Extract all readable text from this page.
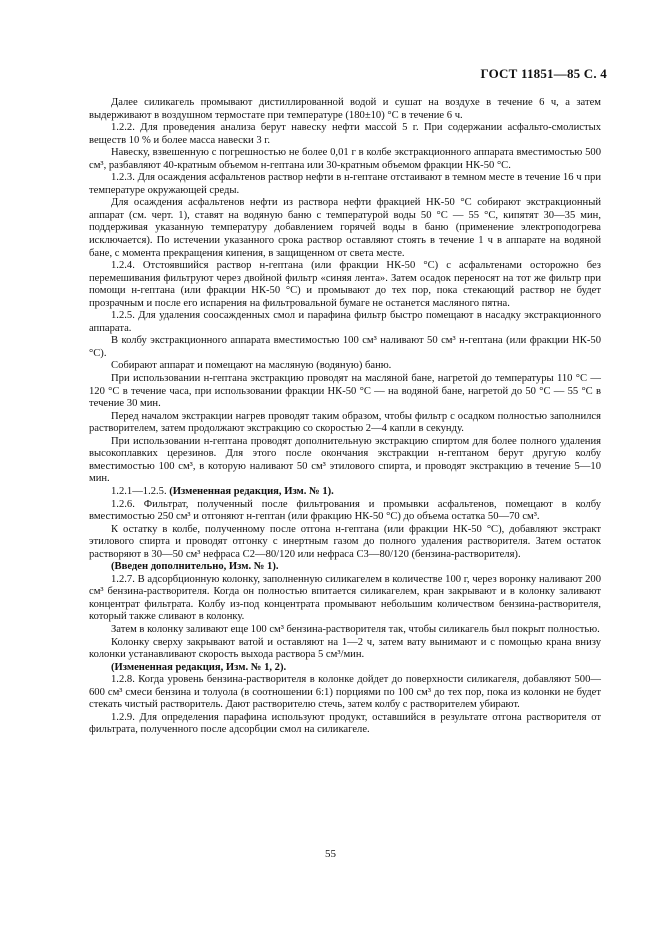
ГОСТ 11851—85 С. 4

Далее силикагель промывают дистиллированной водой и сушат на воздухе в течение 6 ч, а затем выдерживают в воздушном термостате при температуре (180±10) °С в течение 6 ч.

1.2.2. Для проведения анализа берут навеску нефти массой 5 г. При содержании асфальто-смолистых веществ 10 % и более масса навески 3 г.

Навеску, взвешенную с погрешностью не более 0,01 г в колбе экстракционного аппарата вместимостью 500 см³, разбавляют 40-кратным объемом н-гептана или 30-кратным объемом фракции НК-50 °С.

1.2.3. Для осаждения асфальтенов раствор нефти в н-гептане отстаивают в темном месте в течение 16 ч при температуре окружающей среды.

Для осаждения асфальтенов нефти из раствора нефти фракцией НК-50 °С собирают экстракционный аппарат (см. черт. 1), ставят на водяную баню с температурой воды 50 °С — 55 °С, кипятят 30—35 мин, поддерживая указанную температуру добавлением горячей воды в баню (применение электроподогрева исключается). По истечении указанного срока раствор оставляют стоять в течение 1 ч в аппарате на водяной бане, с момента прекращения кипения, в защищенном от света месте.

1.2.4. Отстоявшийся раствор н-гептана (или фракции НК-50 °С) с асфальтенами осторожно без перемешивания фильтруют через двойной фильтр «синяя лента». Затем осадок переносят на тот же фильтр при помощи н-гептана (или фракции НК-50 °С) и промывают до тех пор, пока стекающий раствор не будет прозрачным и после его испарения на фильтровальной бумаге не останется масляного пятна.

1.2.5. Для удаления соосажденных смол и парафина фильтр быстро помещают в насадку экстракционного аппарата.

В колбу экстракционного аппарата вместимостью 100 см³ наливают 50 см³ н-гептана (или фракции НК-50 °С).

Собирают аппарат и помещают на масляную (водяную) баню.

При использовании н-гептана экстракцию проводят на масляной бане, нагретой до температуры 110 °С — 120 °С в течение часа, при использовании фракции НК-50 °С — на водяной бане, нагретой до 50 °С — 55 °С в течение 30 мин.

Перед началом экстракции нагрев проводят таким образом, чтобы фильтр с осадком полностью заполнился растворителем, затем продолжают экстракцию со скоростью 2—4 капли в секунду.

При использовании н-гептана проводят дополнительную экстракцию спиртом для более полного удаления высокоплавких церезинов. Для этого после окончания экстракции н-гептаном берут другую колбу вместимостью 100 см³, в которую наливают 50 см³ этилового спирта, и проводят экстракцию в течение 5—10 мин.

1.2.1—1.2.5. (Измененная редакция, Изм. № 1).

1.2.6. Фильтрат, полученный после фильтрования и промывки асфальтенов, помещают в колбу вместимостью 250 см³ и отгоняют н-гептан (или фракцию НК-50 °С) до объема остатка 50—70 см³.

К остатку в колбе, полученному после отгона н-гептана (или фракции НК-50 °С), добавляют экстракт этилового спирта и проводят отгонку с инертным газом до полного удаления растворителя. Затем остаток растворяют в 30—50 см³ нефраса С2—80/120 или нефраса С3—80/120 (бензина-растворителя).

(Введен дополнительно, Изм. № 1).

1.2.7. В адсорбционную колонку, заполненную силикагелем в количестве 100 г, через воронку наливают 200 см³ бензина-растворителя. Когда он полностью впитается силикагелем, кран закрывают и в колонку заливают концентрат фильтрата. Колбу из-под концентрата промывают небольшим количеством бензина-растворителя, который также сливают в колонку.

Затем в колонку заливают еще 100 см³ бензина-растворителя так, чтобы силикагель был покрыт полностью.

Колонку сверху закрывают ватой и оставляют на 1—2 ч, затем вату вынимают и с помощью крана внизу колонки устанавливают скорость выхода раствора 5 см³/мин.

(Измененная редакция, Изм. № 1, 2).

1.2.8. Когда уровень бензина-растворителя в колонке дойдет до поверхности силикагеля, добавляют 500—600 см³ смеси бензина и толуола (в соотношении 6:1) порциями по 100 см³ до тех пор, пока из колонки не будет стекать чистый растворитель. Дают растворителю стечь, затем колбу с растворителем убирают.

1.2.9. Для определения парафина используют продукт, оставшийся в результате отгона растворителя от фильтрата, полученного после адсорбции смол на силикагеле.

55
